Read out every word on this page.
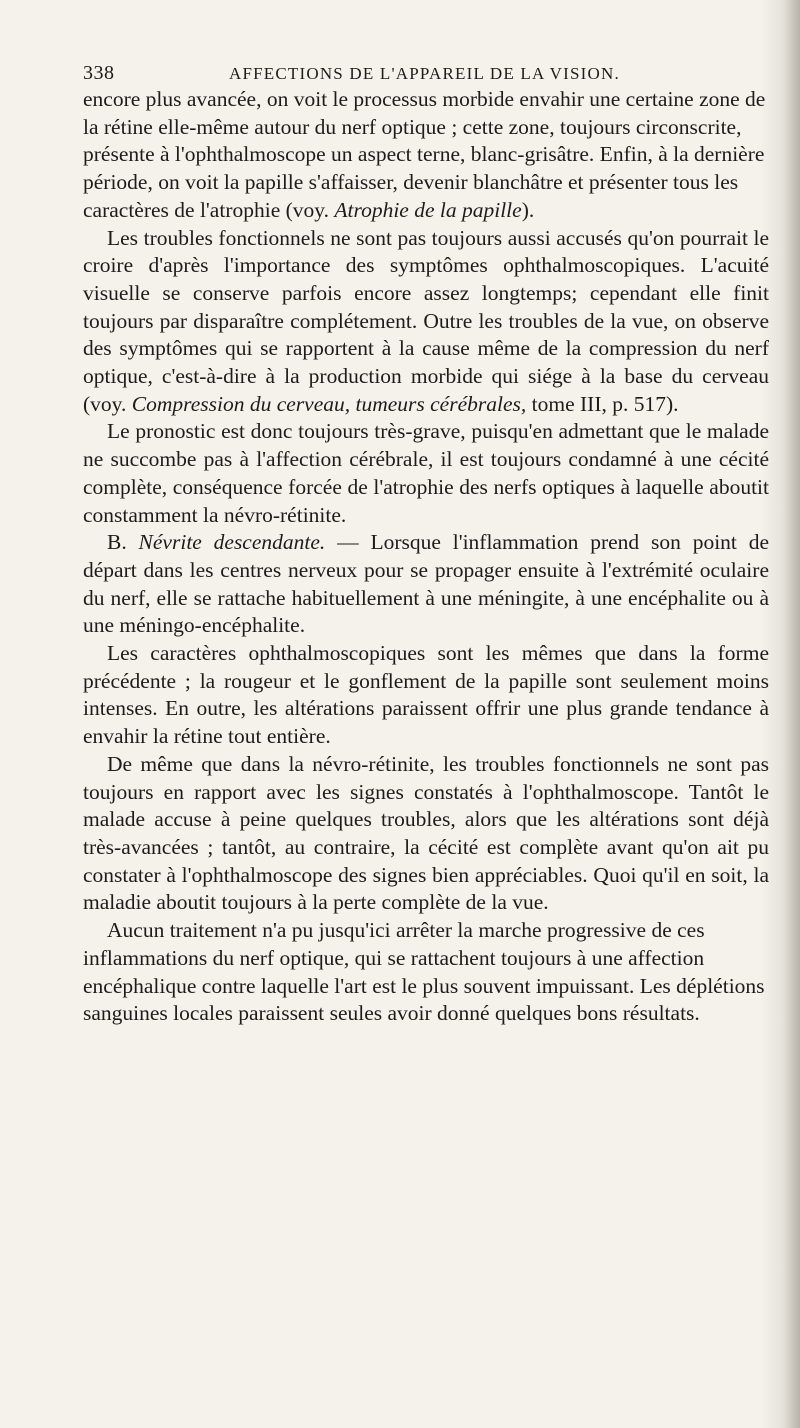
338	AFFECTIONS DE L'APPAREIL DE LA VISION.

encore plus avancée, on voit le processus morbide envahir une certaine zone de la rétine elle-même autour du nerf optique ; cette zone, toujours circonscrite, présente à l'ophthalmoscope un aspect terne, blanc-grisâtre. Enfin, à la dernière période, on voit la papille s'affaisser, devenir blanchâtre et présenter tous les caractères de l'atrophie (voy. Atrophie de la papille).

Les troubles fonctionnels ne sont pas toujours aussi accusés qu'on pourrait le croire d'après l'importance des symptômes ophthalmoscopiques. L'acuité visuelle se conserve parfois encore assez longtemps; cependant elle finit toujours par disparaître complétement. Outre les troubles de la vue, on observe des symptômes qui se rapportent à la cause même de la compression du nerf optique, c'est-à-dire à la production morbide qui siége à la base du cerveau (voy. Compression du cerveau, tumeurs cérébrales, tome III, p. 517).

Le pronostic est donc toujours très-grave, puisqu'en admettant que le malade ne succombe pas à l'affection cérébrale, il est toujours condamné à une cécité complète, conséquence forcée de l'atrophie des nerfs optiques à laquelle aboutit constamment la névro-rétinite.

B. Névrite descendante. — Lorsque l'inflammation prend son point de départ dans les centres nerveux pour se propager ensuite à l'extrémité oculaire du nerf, elle se rattache habituellement à une méningite, à une encéphalite ou à une méningo-encéphalite.

Les caractères ophthalmoscopiques sont les mêmes que dans la forme précédente ; la rougeur et le gonflement de la papille sont seulement moins intenses. En outre, les altérations paraissent offrir une plus grande tendance à envahir la rétine tout entière.

De même que dans la névro-rétinite, les troubles fonctionnels ne sont pas toujours en rapport avec les signes constatés à l'ophthalmoscope. Tantôt le malade accuse à peine quelques troubles, alors que les altérations sont déjà très-avancées ; tantôt, au contraire, la cécité est complète avant qu'on ait pu constater à l'ophthalmoscope des signes bien appréciables. Quoi qu'il en soit, la maladie aboutit toujours à la perte complète de la vue.

Aucun traitement n'a pu jusqu'ici arrêter la marche progressive de ces inflammations du nerf optique, qui se rattachent toujours à une affection encéphalique contre laquelle l'art est le plus souvent impuissant. Les déplétions sanguines locales paraissent seules avoir donné quelques bons résultats.
